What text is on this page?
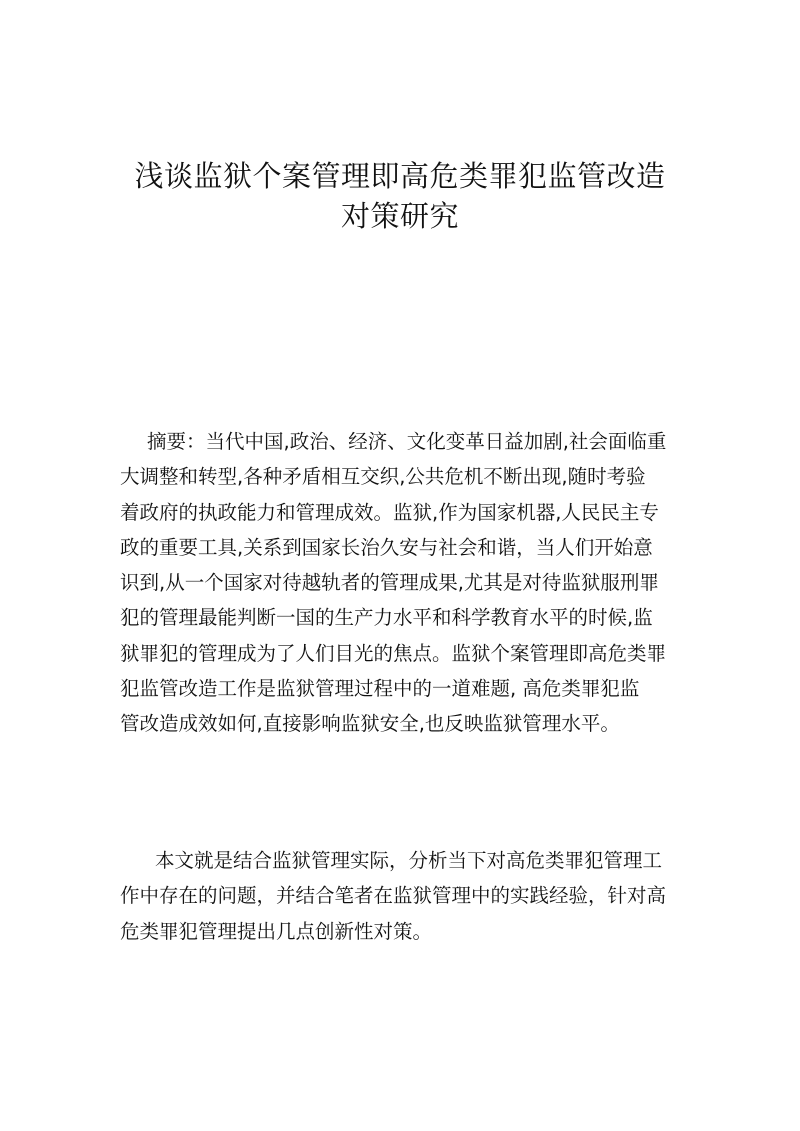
浅谈监狱个案管理即高危类罪犯监管改造
对策研究

摘要：当代中国,政治、经济、文化变革日益加剧,社会面临重
大调整和转型,各种矛盾相互交织,公共危机不断出现,随时考验
着政府的执政能力和管理成效。监狱,作为国家机器,人民民主专
政的重要工具,关系到国家长治久安与社会和谐，当人们开始意
识到,从一个国家对待越轨者的管理成果,尤其是对待监狱服刑罪
犯的管理最能判断一国的生产力水平和科学教育水平的时候,监
狱罪犯的管理成为了人们目光的焦点。监狱个案管理即高危类罪
犯监管改造工作是监狱管理过程中的一道难题, 高危类罪犯监
管改造成效如何,直接影响监狱安全,也反映监狱管理水平。

本文就是结合监狱管理实际，分析当下对高危类罪犯管理工
作中存在的问题，并结合笔者在监狱管理中的实践经验，针对高
危类罪犯管理提出几点创新性对策。
